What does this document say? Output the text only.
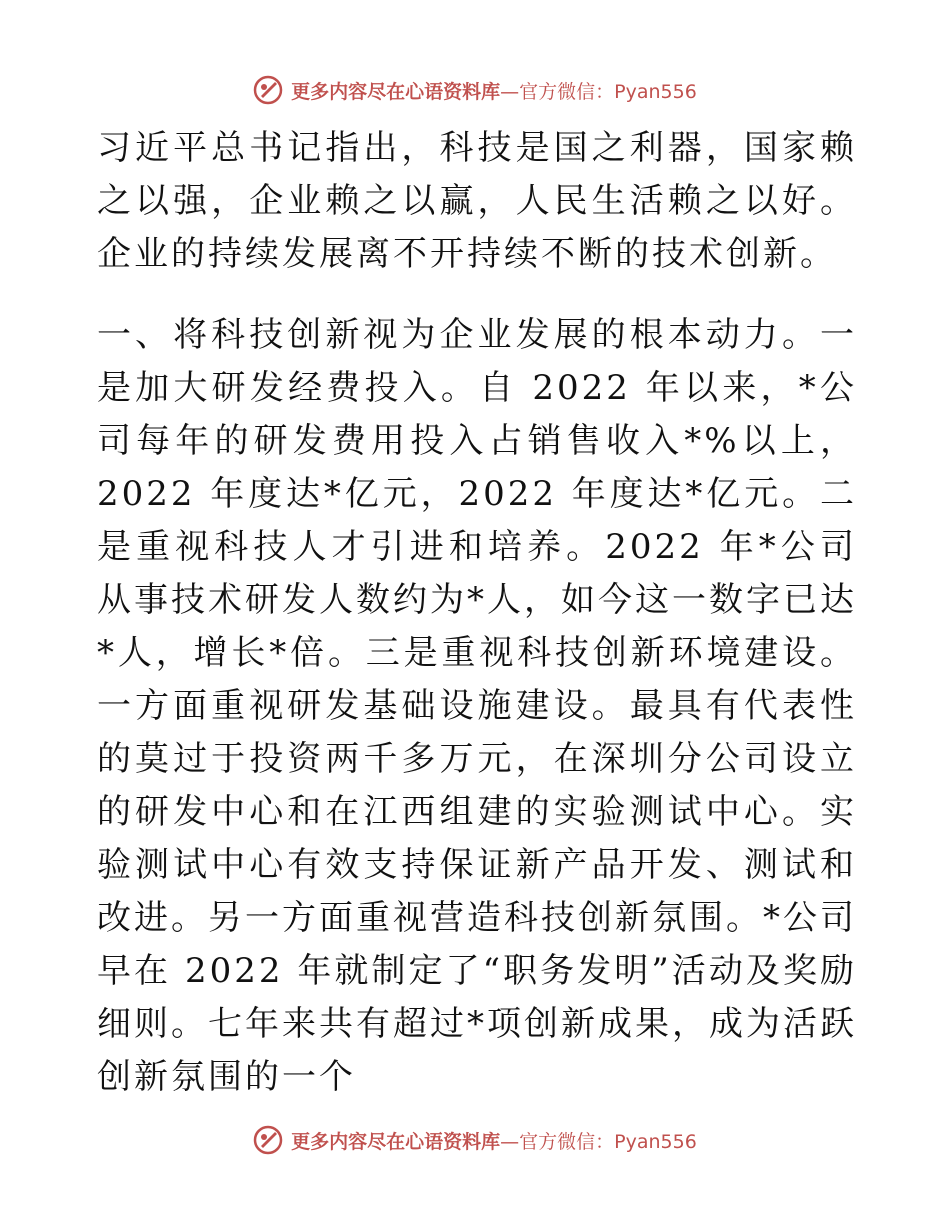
更多内容尽在心语资料库 —官方微信：Pyan556

习近平总书记指出，科技是国之利器，国家赖之以强，企业赖之以赢，人民生活赖之以好。企业的持续发展离不开持续不断的技术创新。

一、将科技创新视为企业发展的根本动力。一是加大研发经费投入。自 2022 年以来，*公司每年的研发费用投入占销售收入*%以上，2022 年度达*亿元，2022 年度达*亿元。二是重视科技人才引进和培养。2022 年*公司从事技术研发人数约为*人，如今这一数字已达*人，增长*倍。三是重视科技创新环境建设。一方面重视研发基础设施建设。最具有代表性的莫过于投资两千多万元，在深圳分公司设立的研发中心和在江西组建的实验测试中心。实验测试中心有效支持保证新产品开发、测试和改进。另一方面重视营造科技创新氛围。*公司早在 2022 年就制定了“职务发明”活动及奖励细则。七年来共有超过*项创新成果，成为活跃创新氛围的一个

更多内容尽在心语资料库 —官方微信：Pyan556
